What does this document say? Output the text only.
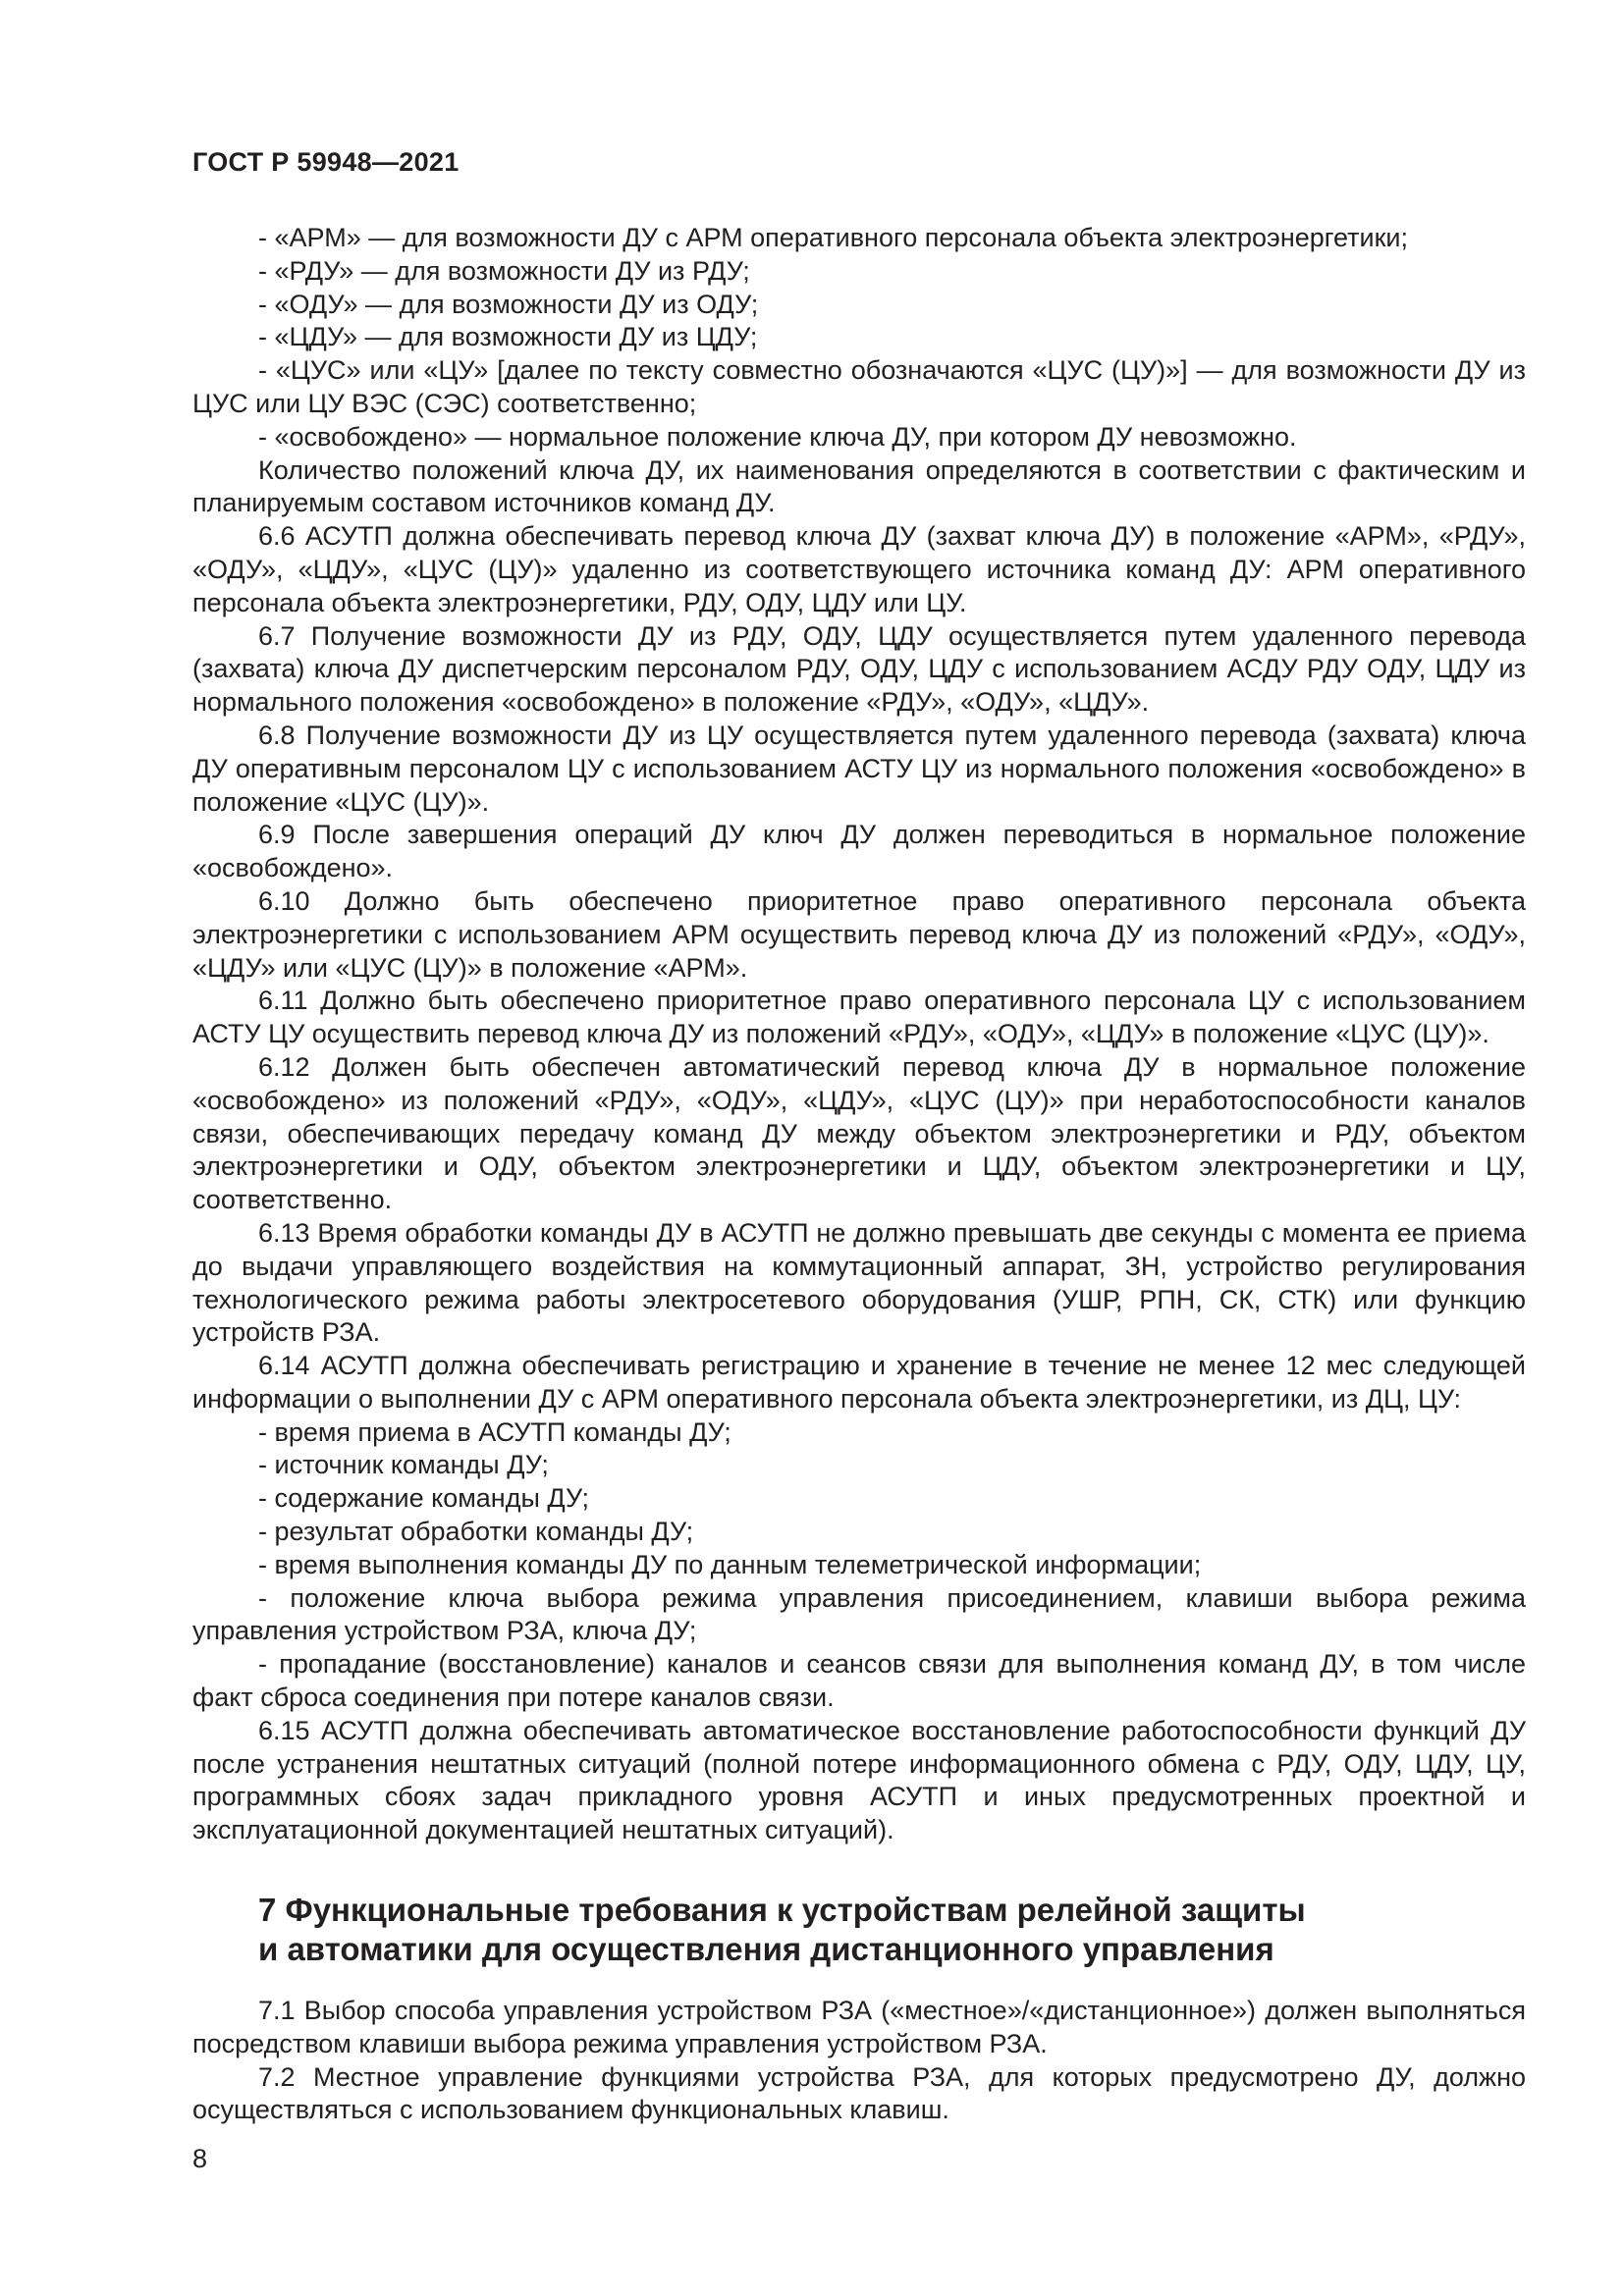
ГОСТ Р 59948—2021

- «АРМ» — для возможности ДУ с АРМ оперативного персонала объекта электроэнергетики;

- «РДУ» — для возможности ДУ из РДУ;

- «ОДУ» — для возможности ДУ из ОДУ;

- «ЦДУ» — для возможности ДУ из ЦДУ;

- «ЦУС» или «ЦУ» [далее по тексту совместно обозначаются «ЦУС (ЦУ)»] — для возможности ДУ из ЦУС или ЦУ ВЭС (СЭС) соответственно;

- «освобождено» — нормальное положение ключа ДУ, при котором ДУ невозможно.

Количество положений ключа ДУ, их наименования определяются в соответствии с фактическим и планируемым составом источников команд ДУ.

6.6 АСУТП должна обеспечивать перевод ключа ДУ (захват ключа ДУ) в положение «АРМ», «РДУ», «ОДУ», «ЦДУ», «ЦУС (ЦУ)» удаленно из соответствующего источника команд ДУ: АРМ оперативного персонала объекта электроэнергетики, РДУ, ОДУ, ЦДУ или ЦУ.

6.7 Получение возможности ДУ из РДУ, ОДУ, ЦДУ осуществляется путем удаленного перевода (захвата) ключа ДУ диспетчерским персоналом РДУ, ОДУ, ЦДУ с использованием АСДУ РДУ ОДУ, ЦДУ из нормального положения «освобождено» в положение «РДУ», «ОДУ», «ЦДУ».

6.8 Получение возможности ДУ из ЦУ осуществляется путем удаленного перевода (захвата) ключа ДУ оперативным персоналом ЦУ с использованием АСТУ ЦУ из нормального положения «освобождено» в положение «ЦУС (ЦУ)».

6.9 После завершения операций ДУ ключ ДУ должен переводиться в нормальное положение «освобождено».

6.10 Должно быть обеспечено приоритетное право оперативного персонала объекта электроэнергетики с использованием АРМ осуществить перевод ключа ДУ из положений «РДУ», «ОДУ», «ЦДУ» или «ЦУС (ЦУ)» в положение «АРМ».

6.11 Должно быть обеспечено приоритетное право оперативного персонала ЦУ с использованием АСТУ ЦУ осуществить перевод ключа ДУ из положений «РДУ», «ОДУ», «ЦДУ» в положение «ЦУС (ЦУ)».

6.12 Должен быть обеспечен автоматический перевод ключа ДУ в нормальное положение «освобождено» из положений «РДУ», «ОДУ», «ЦДУ», «ЦУС (ЦУ)» при неработоспособности каналов связи, обеспечивающих передачу команд ДУ между объектом электроэнергетики и РДУ, объектом электроэнергетики и ОДУ, объектом электроэнергетики и ЦДУ, объектом электроэнергетики и ЦУ, соответственно.

6.13 Время обработки команды ДУ в АСУТП не должно превышать две секунды с момента ее приема до выдачи управляющего воздействия на коммутационный аппарат, ЗН, устройство регулирования технологического режима работы электросетевого оборудования (УШР, РПН, СК, СТК) или функцию устройств РЗА.

6.14 АСУТП должна обеспечивать регистрацию и хранение в течение не менее 12 мес следующей информации о выполнении ДУ с АРМ оперативного персонала объекта электроэнергетики, из ДЦ, ЦУ:

- время приема в АСУТП команды ДУ;

- источник команды ДУ;

- содержание команды ДУ;

- результат обработки команды ДУ;

- время выполнения команды ДУ по данным телеметрической информации;

- положение ключа выбора режима управления присоединением, клавиши выбора режима управления устройством РЗА, ключа ДУ;

- пропадание (восстановление) каналов и сеансов связи для выполнения команд ДУ, в том числе факт сброса соединения при потере каналов связи.

6.15 АСУТП должна обеспечивать автоматическое восстановление работоспособности функций ДУ после устранения нештатных ситуаций (полной потере информационного обмена с РДУ, ОДУ, ЦДУ, ЦУ, программных сбоях задач прикладного уровня АСУТП и иных предусмотренных проектной и эксплуатационной документацией нештатных ситуаций).

7 Функциональные требования к устройствам релейной защиты
и автоматики для осуществления дистанционного управления

7.1 Выбор способа управления устройством РЗА («местное»/«дистанционное») должен выполняться посредством клавиши выбора режима управления устройством РЗА.

7.2 Местное управление функциями устройства РЗА, для которых предусмотрено ДУ, должно осуществляться с использованием функциональных клавиш.

8
